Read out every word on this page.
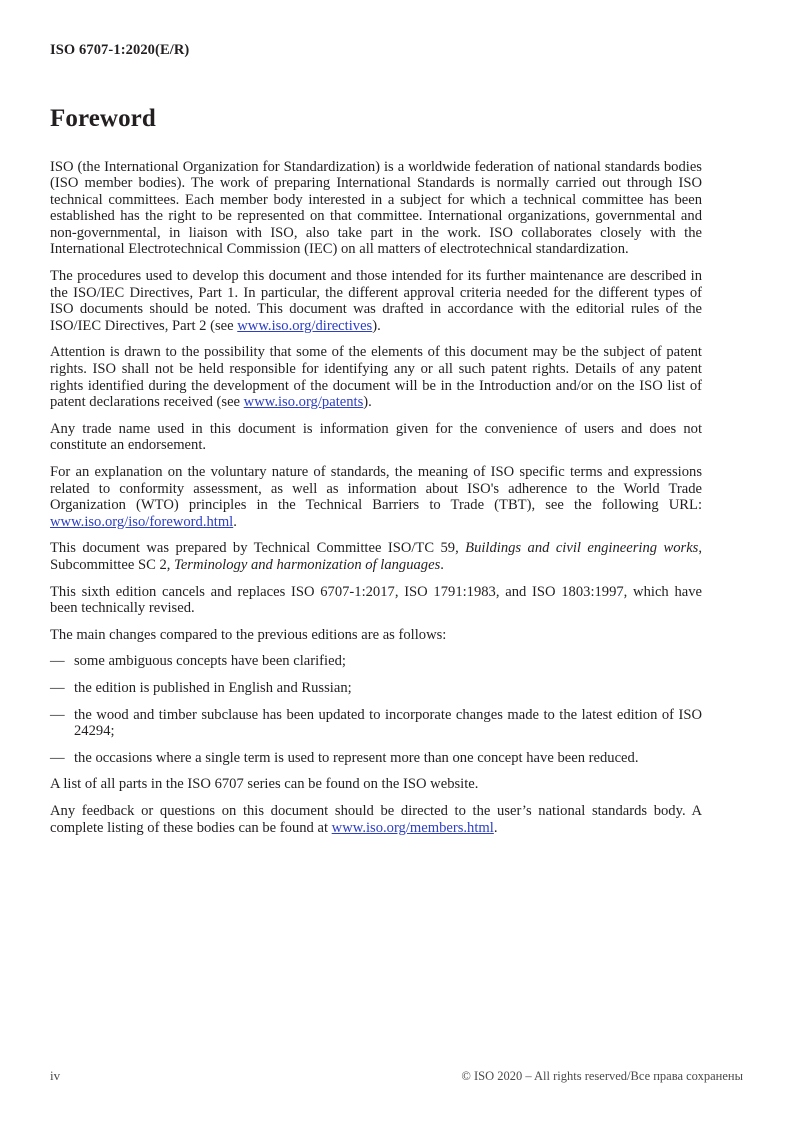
ISO 6707-1:2020(E/R)
Foreword

ISO (the International Organization for Standardization) is a worldwide federation of national standards bodies (ISO member bodies). The work of preparing International Standards is normally carried out through ISO technical committees. Each member body interested in a subject for which a technical committee has been established has the right to be represented on that committee. International organizations, governmental and non-governmental, in liaison with ISO, also take part in the work. ISO collaborates closely with the International Electrotechnical Commission (IEC) on all matters of electrotechnical standardization.

The procedures used to develop this document and those intended for its further maintenance are described in the ISO/IEC Directives, Part 1. In particular, the different approval criteria needed for the different types of ISO documents should be noted. This document was drafted in accordance with the editorial rules of the ISO/IEC Directives, Part 2 (see www.iso.org/directives).

Attention is drawn to the possibility that some of the elements of this document may be the subject of patent rights. ISO shall not be held responsible for identifying any or all such patent rights. Details of any patent rights identified during the development of the document will be in the Introduction and/or on the ISO list of patent declarations received (see www.iso.org/patents).

Any trade name used in this document is information given for the convenience of users and does not constitute an endorsement.

For an explanation on the voluntary nature of standards, the meaning of ISO specific terms and expressions related to conformity assessment, as well as information about ISO's adherence to the World Trade Organization (WTO) principles in the Technical Barriers to Trade (TBT), see the following URL: www.iso.org/iso/foreword.html.

This document was prepared by Technical Committee ISO/TC 59, Buildings and civil engineering works, Subcommittee SC 2, Terminology and harmonization of languages.

This sixth edition cancels and replaces ISO 6707-1:2017, ISO 1791:1983, and ISO 1803:1997, which have been technically revised.

The main changes compared to the previous editions are as follows:

— some ambiguous concepts have been clarified;
— the edition is published in English and Russian;
— the wood and timber subclause has been updated to incorporate changes made to the latest edition of ISO 24294;
— the occasions where a single term is used to represent more than one concept have been reduced.

A list of all parts in the ISO 6707 series can be found on the ISO website.

Any feedback or questions on this document should be directed to the user’s national standards body. A complete listing of these bodies can be found at www.iso.org/members.html.

iv	© ISO 2020 – All rights reserved/Все права сохранены
